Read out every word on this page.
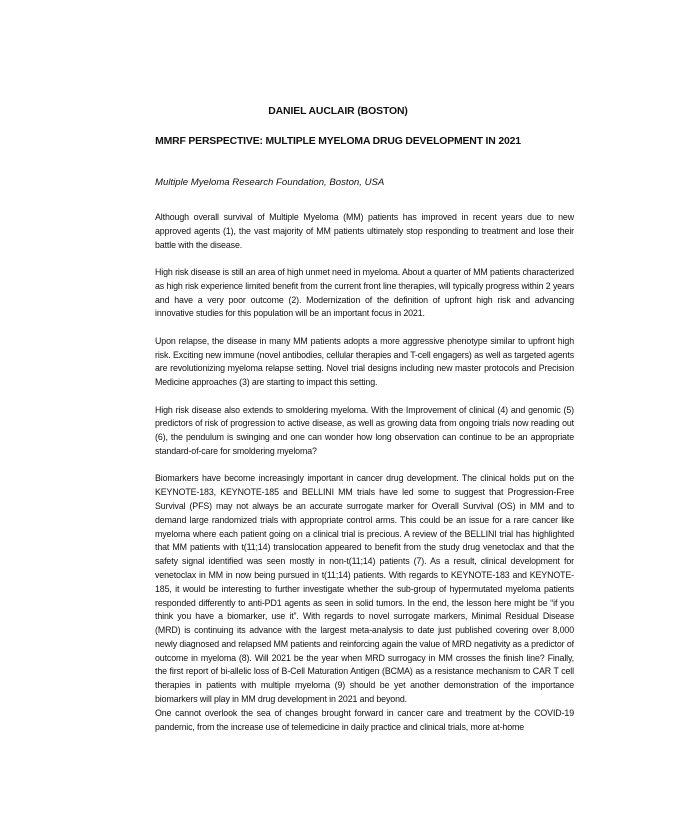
DANIEL AUCLAIR (BOSTON)
MMRF PERSPECTIVE: MULTIPLE MYELOMA DRUG DEVELOPMENT IN 2021
Multiple Myeloma Research Foundation, Boston, USA

Although overall survival of Multiple Myeloma (MM) patients has improved in recent years due to new approved agents (1), the vast majority of MM patients ultimately stop responding to treatment and lose their battle with the disease.

High risk disease is still an area of high unmet need in myeloma. About a quarter of MM patients characterized as high risk experience limited benefit from the current front line therapies, will typically progress within 2 years and have a very poor outcome (2). Modernization of the definition of upfront high risk and advancing innovative studies for this population will be an important focus in 2021.

Upon relapse, the disease in many MM patients adopts a more aggressive phenotype similar to upfront high risk. Exciting new immune (novel antibodies, cellular therapies and T-cell engagers) as well as targeted agents are revolutionizing myeloma relapse setting. Novel trial designs including new master protocols and Precision Medicine approaches (3) are starting to impact this setting.

High risk disease also extends to smoldering myeloma. With the Improvement of clinical (4) and genomic (5) predictors of risk of progression to active disease, as well as growing data from ongoing trials now reading out (6), the pendulum is swinging and one can wonder how long observation can continue to be an appropriate standard-of-care for smoldering myeloma?

Biomarkers have become increasingly important in cancer drug development. The clinical holds put on the KEYNOTE-183, KEYNOTE-185 and BELLINI MM trials have led some to suggest that Progression-Free Survival (PFS) may not always be an accurate surrogate marker for Overall Survival (OS) in MM and to demand large randomized trials with appropriate control arms. This could be an issue for a rare cancer like myeloma where each patient going on a clinical trial is precious. A review of the BELLINI trial has highlighted that MM patients with t(11;14) translocation appeared to benefit from the study drug venetoclax and that the safety signal identified was seen mostly in non-t(11;14) patients (7). As a result, clinical development for venetoclax in MM in now being pursued in t(11;14) patients. With regards to KEYNOTE-183 and KEYNOTE-185, it would be interesting to further investigate whether the sub-group of hypermutated myeloma patients responded differently to anti-PD1 agents as seen in solid tumors. In the end, the lesson here might be “if you think you have a biomarker, use it”. With regards to novel surrogate markers, Minimal Residual Disease (MRD) is continuing its advance with the largest meta-analysis to date just published covering over 8,000 newly diagnosed and relapsed MM patients and reinforcing again the value of MRD negativity as a predictor of outcome in myeloma (8). Will 2021 be the year when MRD surrogacy in MM crosses the finish line? Finally, the first report of bi-allelic loss of B-Cell Maturation Antigen (BCMA) as a resistance mechanism to CAR T cell therapies in patients with multiple myeloma (9) should be yet another demonstration of the importance biomarkers will play in MM drug development in 2021 and beyond.

One cannot overlook the sea of changes brought forward in cancer care and treatment by the COVID-19 pandemic, from the increase use of telemedicine in daily practice and clinical trials, more at-home
